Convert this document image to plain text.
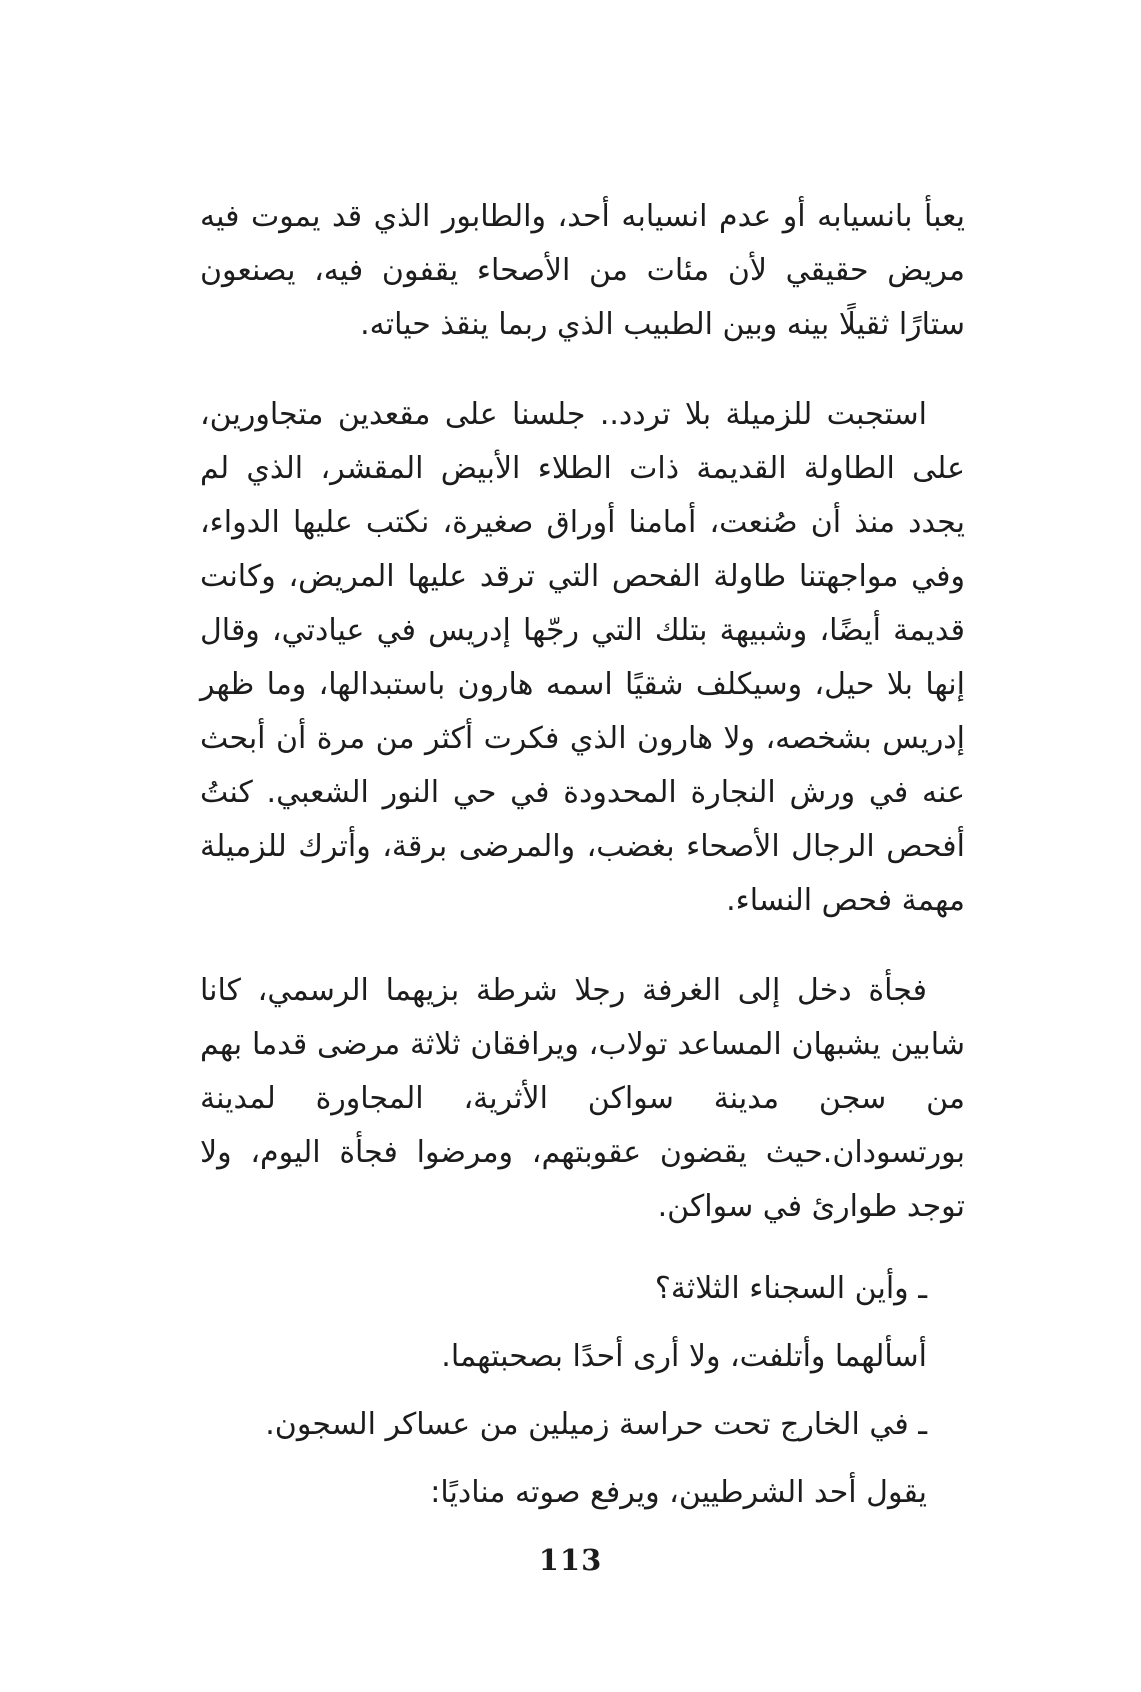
يعبأ بانسيابه أو عدم انسيابه أحد، والطابور الذي قد يموت فيه مريض حقيقي لأن مئات من الأصحاء يقفون فيه، يصنعون ستارًا ثقيلًا بينه وبين الطبيب الذي ربما ينقذ حياته.

استجبت للزميلة بلا تردد.. جلسنا على مقعدين متجاورين، على الطاولة القديمة ذات الطلاء الأبيض المقشر، الذي لم يجدد منذ أن صُنعت، أمامنا أوراق صغيرة، نكتب عليها الدواء، وفي مواجهتنا طاولة الفحص التي ترقد عليها المريض، وكانت قديمة أيضًا، وشبيهة بتلك التي رجّها إدريس في عيادتي، وقال إنها بلا حيل، وسيكلف شقيًا اسمه هارون باستبدالها، وما ظهر إدريس بشخصه، ولا هارون الذي فكرت أكثر من مرة أن أبحث عنه في ورش النجارة المحدودة في حي النور الشعبي. كنتُ أفحص الرجال الأصحاء بغضب، والمرضى برقة، وأترك للزميلة مهمة فحص النساء.

فجأة دخل إلى الغرفة رجلا شرطة بزيهما الرسمي، كانا شابين يشبهان المساعد تولاب، ويرافقان ثلاثة مرضى قدما بهم من سجن مدينة سواكن الأثرية، المجاورة لمدينة بورتسودان.حيث يقضون عقوبتهم، ومرضوا فجأة اليوم، ولا توجد طوارئ في سواكن.

ـ وأين السجناء الثلاثة؟

أسألهما وأتلفت، ولا أرى أحدًا بصحبتهما.

ـ في الخارج تحت حراسة زميلين من عساكر السجون.

يقول أحد الشرطيين، ويرفع صوته مناديًا:

113
